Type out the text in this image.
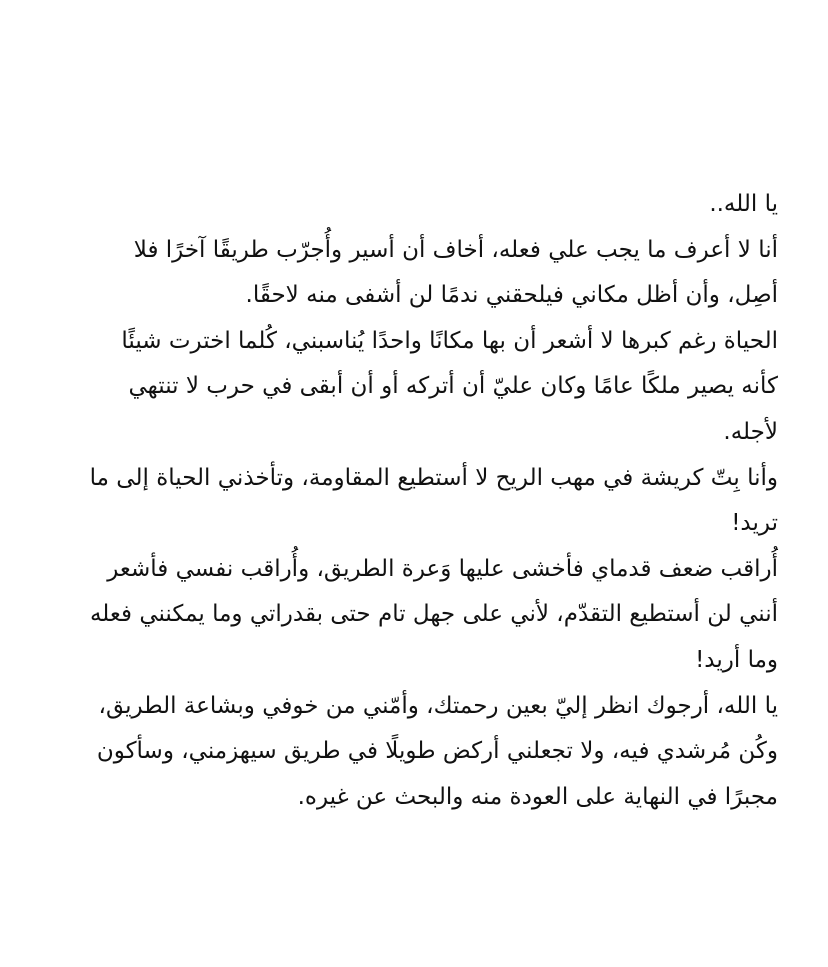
يا الله..
أنا لا أعرف ما يجب علي فعله، أخاف أن أسير وأُجرّب طريقًا آخرًا فلا
أصِل، وأن أظل مكاني فيلحقني ندمًا لن أشفى منه لاحقًا.
الحياة رغم كبرها لا أشعر أن بها مكانًا واحدًا يُناسبني، كُلما اخترت شيئًا
كأنه يصير ملكًا عامًا وكان عليّ أن أتركه أو أن أبقى في حرب لا تنتهي
لأجله.
وأنا بِتّ كريشة في مهب الريح لا أستطيع المقاومة، وتأخذني الحياة إلى ما
تريد!
أُراقب ضعف قدماي فأخشى عليها وَعرة الطريق، وأُراقب نفسي فأشعر
أنني لن أستطيع التقدّم، لأني على جهل تام حتى بقدراتي وما يمكنني فعله
وما أريد!
يا الله، أرجوك انظر إليّ بعين رحمتك، وأمّني من خوفي وبشاعة الطريق،
وكُن مُرشدي فيه، ولا تجعلني أركض طويلًا في طريق سيهزمني، وسأكون
مجبرًا في النهاية على العودة منه والبحث عن غيره.
